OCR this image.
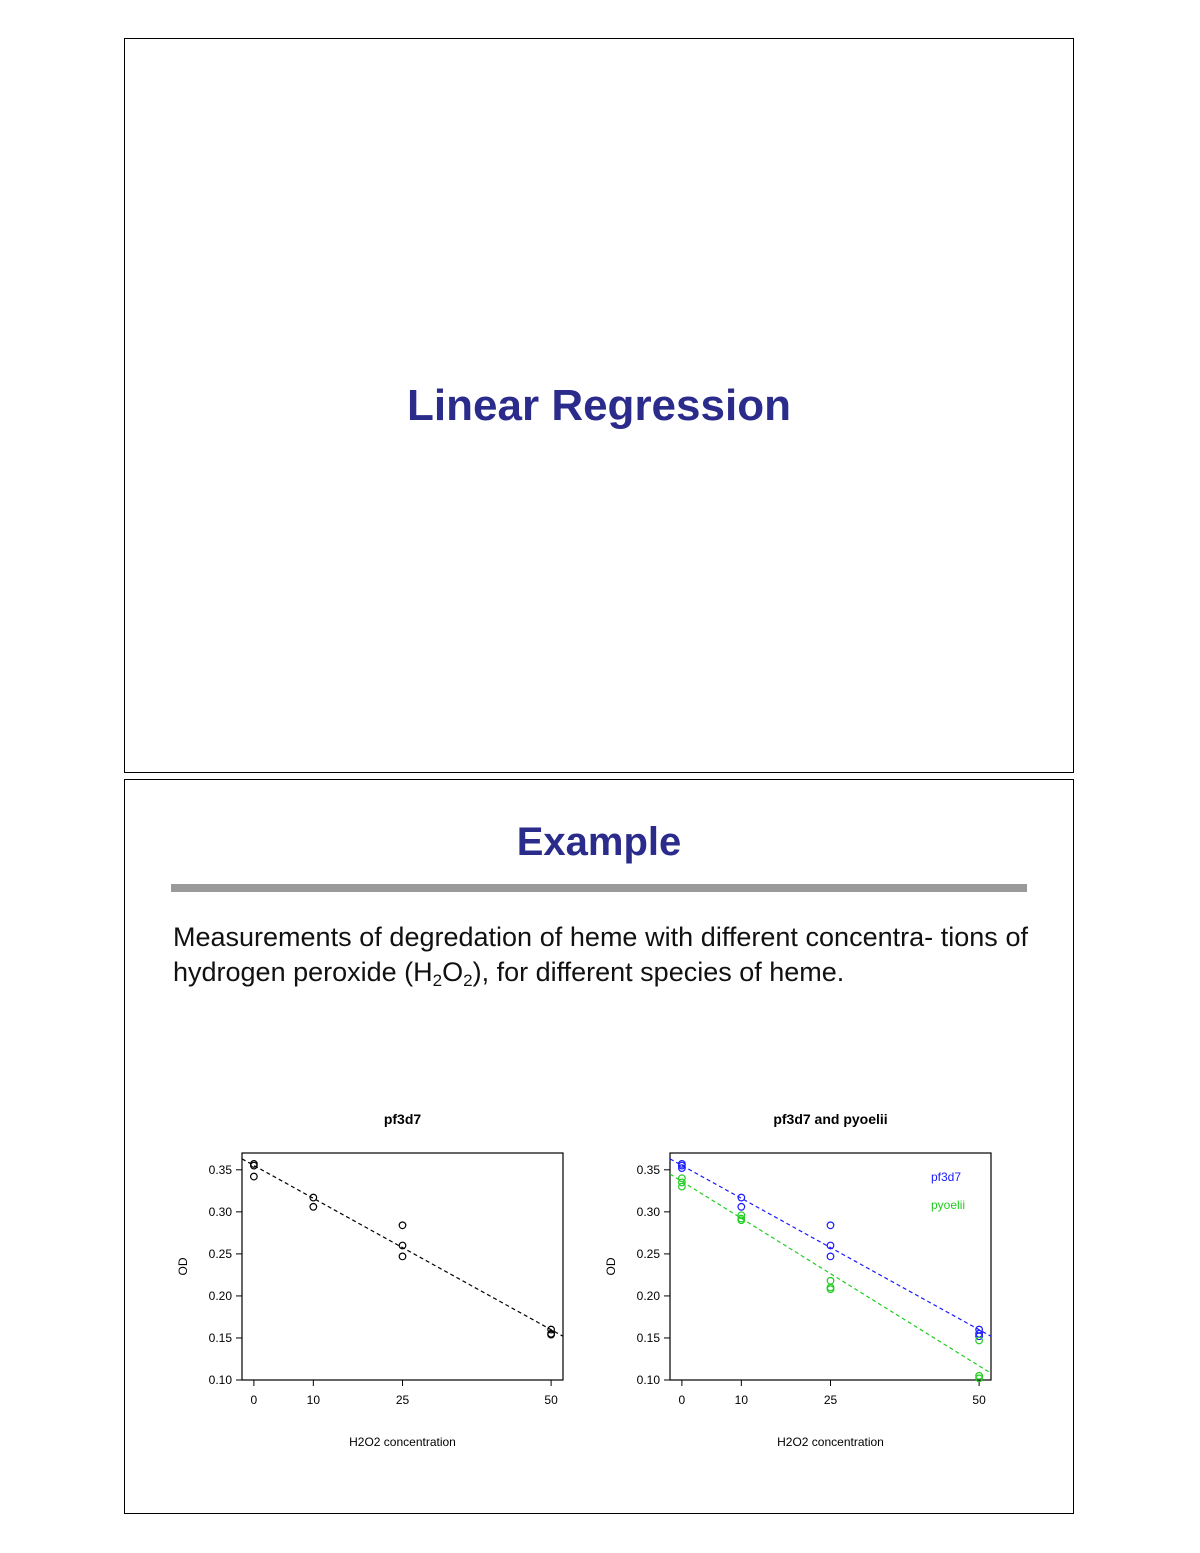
Linear Regression
Example
Measurements of degredation of heme with different concentra- tions of hydrogen peroxide $(H_2O_2)$, for different species of heme.
pf3d7
0.10
0.15
0.20
0.25
0.30
0.35
0	10	25	50
H2O2 concentration
OD
pf3d7 and pyoelii
0.10
0.15
0.20
0.25
0.30
0.35
0	10	25	50
H2O2 concentration
OD
pf3d7
pyoelii
